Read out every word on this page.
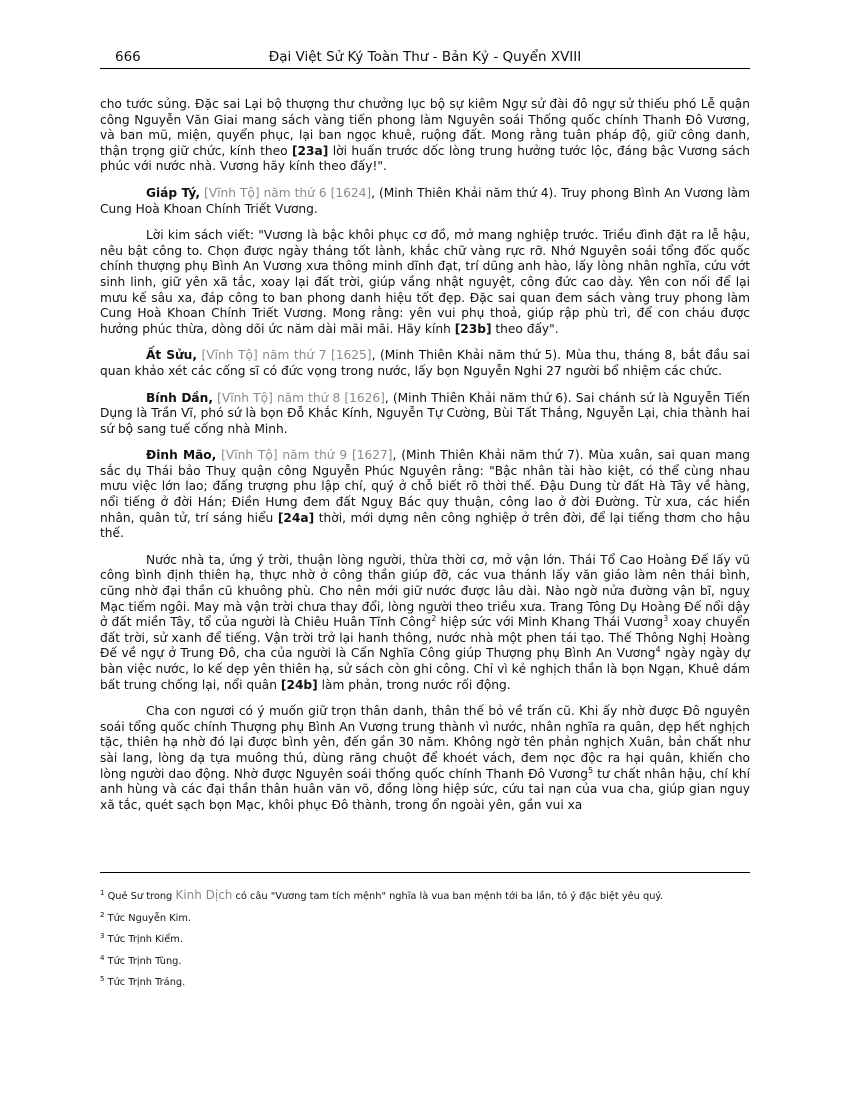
666	Đại Việt Sử Ký Toàn Thư - Bản Kỷ - Quyển XVIII

cho tước sủng. Đặc sai Lại bộ thượng thư chưởng lục bộ sự kiêm Ngự sử đài đô ngự sử thiếu phó Lễ quận công Nguyễn Văn Giai mang sách vàng tiến phong làm Nguyên soái Thống quốc chính Thanh Đô Vương, và ban mũ, miện, quyển phục, lại ban ngọc khuê, ruộng đất. Mong rằng tuân pháp độ, giữ công danh, thận trọng giữ chức, kính theo [23a] lời huấn trước dốc lòng trung hưởng tước lộc, đáng bậc Vương sách phúc với nước nhà. Vương hãy kính theo đấy!".

Giáp Tý, [Vĩnh Tộ] năm thứ 6 [1624], (Minh Thiên Khải năm thứ 4). Truy phong Bình An Vương làm Cung Hoà Khoan Chính Triết Vương.

Lời kim sách viết: "Vương là bậc khôi phục cơ đồ, mở mang nghiệp trước. Triều đình đặt ra lễ hậu, nêu bật công to. Chọn được ngày tháng tốt lành, khắc chữ vàng rực rỡ. Nhớ Nguyên soái tổng đốc quốc chính thượng phụ Bình An Vương xưa thông minh dĩnh đạt, trí dũng anh hào, lấy lòng nhân nghĩa, cứu vớt sinh linh, giữ yên xã tắc, xoay lại đất trời, giúp vầng nhật nguyệt, công đức cao dày. Yên con nối để lại mưu kế sâu xa, đáp công to ban phong danh hiệu tốt đẹp. Đặc sai quan đem sách vàng truy phong làm Cung Hoà Khoan Chính Triết Vương. Mong rằng: yên vui phụ thoả, giúp rập phù trì, để con cháu được hưởng phúc thừa, dòng dõi ức năm dài mãi mãi. Hãy kính [23b] theo đấy".

Ất Sửu, [Vĩnh Tộ] năm thứ 7 [1625], (Minh Thiên Khải năm thứ 5). Mùa thu, tháng 8, bắt đầu sai quan khảo xét các cống sĩ có đức vọng trong nước, lấy bọn Nguyễn Nghi 27 người bổ nhiệm các chức.

Bính Dần, [Vĩnh Tộ] năm thứ 8 [1626], (Minh Thiên Khải năm thứ 6). Sai chánh sứ là Nguyễn Tiến Dụng là Trần Vĩ, phó sứ là bọn Đỗ Khắc Kính, Nguyễn Tự Cường, Bùi Tất Thắng, Nguyễn Lại, chia thành hai sứ bộ sang tuế cống nhà Minh.

Đinh Mão, [Vĩnh Tộ] năm thứ 9 [1627], (Minh Thiên Khải năm thứ 7). Mùa xuân, sai quan mang sắc dụ Thái bảo Thuỵ quận công Nguyễn Phúc Nguyên rằng: "Bậc nhân tài hào kiệt, có thể cùng nhau mưu việc lớn lao; đấng trượng phu lập chí, quý ở chỗ biết rõ thời thế. Đậu Dung từ đất Hà Tây về hàng, nổi tiếng ở đời Hán; Điền Hưng đem đất Nguỵ Bác quy thuận, công lao ở đời Đường. Từ xưa, các hiền nhân, quân tử, trí sáng hiểu [24a] thời, mới dựng nên công nghiệp ở trên đời, để lại tiếng thơm cho hậu thế.

Nước nhà ta, ứng ý trời, thuận lòng người, thừa thời cơ, mở vận lớn. Thái Tổ Cao Hoàng Đế lấy vũ công bình định thiên hạ, thực nhờ ở công thần giúp đỡ, các vua thánh lấy văn giáo làm nên thái bình, cũng nhờ đại thần cũ khuông phù. Cho nên mới giữ nước được lâu dài. Nào ngờ nửa đường vận bĩ, nguỵ Mạc tiếm ngôi. May mà vận trời chưa thay đổi, lòng người theo triều xưa. Trang Tông Dụ Hoàng Đế nổi dậy ở đất miền Tây, tổ của người là Chiêu Huân Tĩnh Công$^2$ hiệp sức với Minh Khang Thái Vương$^3$ xoay chuyển đất trời, sử xanh để tiếng. Vận trời trở lại hanh thông, nước nhà một phen tái tạo. Thế Thông Nghị Hoàng Đế về ngự ở Trung Đô, cha của người là Cẩn Nghĩa Công giúp Thượng phụ Bình An Vương$^4$ ngày ngày dự bàn việc nước, lo kế dẹp yên thiên hạ, sử sách còn ghi công. Chỉ vì kẻ nghịch thần là bọn Ngạn, Khuê dám bất trung chống lại, nổi quân [24b] làm phản, trong nước rối động.

Cha con ngươi có ý muốn giữ trọn thân danh, thân thế bỏ về trấn cũ. Khi ấy nhờ được Đô nguyên soái tổng quốc chính Thượng phụ Bình An Vương trung thành vì nước, nhân nghĩa ra quân, dẹp hết nghịch tặc, thiên hạ nhờ đó lại được bình yên, đến gần 30 năm. Không ngờ tên phản nghịch Xuân, bản chất như sài lang, lòng dạ tựa muông thú, dùng răng chuột để khoét vách, đem nọc độc ra hại quân, khiến cho lòng người dao động. Nhờ được Nguyên soái thống quốc chính Thanh Đô Vương$^5$ tư chất nhân hậu, chí khí anh hùng và các đại thần thân huân văn võ, đồng lòng hiệp sức, cứu tai nạn của vua cha, giúp gian nguy xã tắc, quét sạch bọn Mạc, khôi phục Đô thành, trong ổn ngoài yên, gần vui xa

$^1$ Quẻ Sư trong Kinh Dịch có câu "Vương tam tích mệnh" nghĩa là vua ban mệnh tới ba lần, tỏ ý đặc biệt yêu quý.
$^2$ Tức Nguyễn Kim.
$^3$ Tức Trịnh Kiểm.
$^4$ Tức Trịnh Tùng.
$^5$ Tức Trịnh Tráng.
